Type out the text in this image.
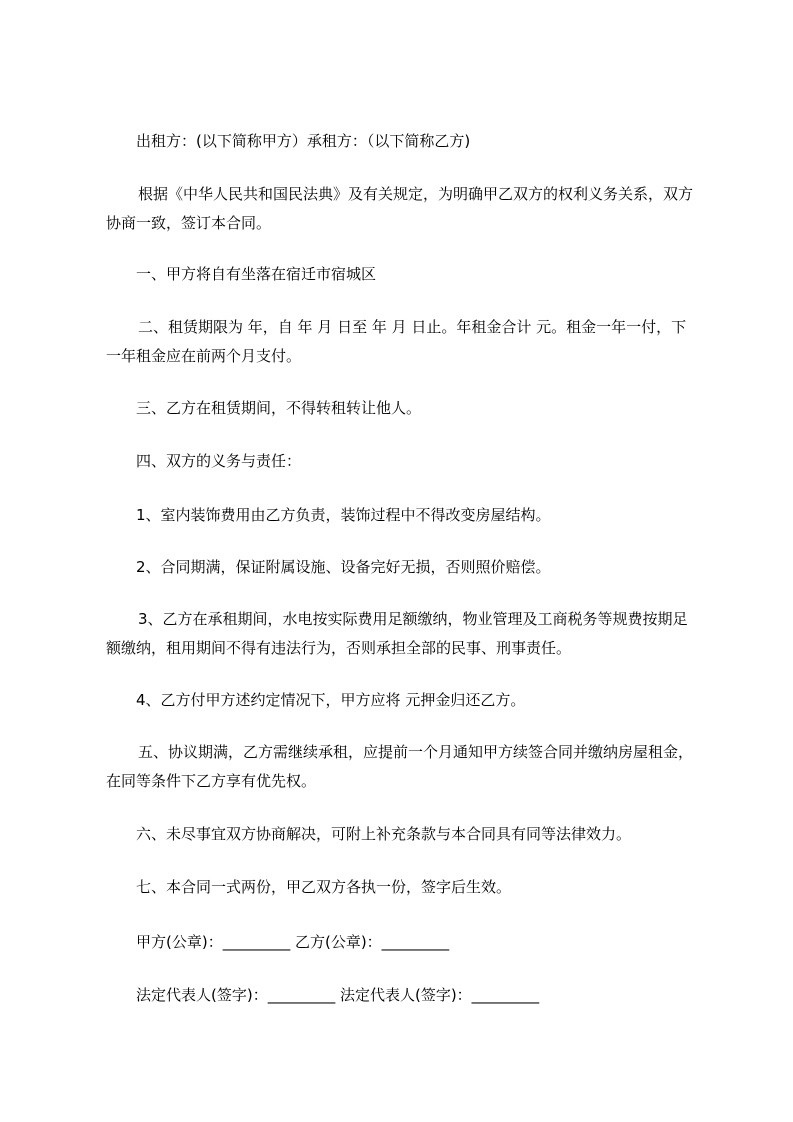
出租方：(以下简称甲方）承租方：（以下简称乙方)

根据《中华人民共和国民法典》及有关规定，为明确甲乙双方的权利义务关系，双方协商一致，签订本合同。

一、甲方将自有坐落在宿迁市宿城区

二、租赁期限为 年，自 年 月 日至 年 月 日止。年租金合计 元。租金一年一付，下一年租金应在前两个月支付。

三、乙方在租赁期间，不得转租转让他人。

四、双方的义务与责任：

1、室内装饰费用由乙方负责，装饰过程中不得改变房屋结构。

2、合同期满，保证附属设施、设备完好无损，否则照价赔偿。

3、乙方在承租期间，水电按实际费用足额缴纳，物业管理及工商税务等规费按期足额缴纳，租用期间不得有违法行为，否则承担全部的民事、刑事责任。

4、乙方付甲方述约定情况下，甲方应将 元押金归还乙方。

五、协议期满，乙方需继续承租，应提前一个月通知甲方续签合同并缴纳房屋租金，在同等条件下乙方享有优先权。

六、未尽事宜双方协商解决，可附上补充条款与本合同具有同等法律效力。

七、本合同一式两份，甲乙双方各执一份，签字后生效。

甲方(公章)：_________ 乙方(公章)：_________

法定代表人(签字)：_________ 法定代表人(签字)：_________
